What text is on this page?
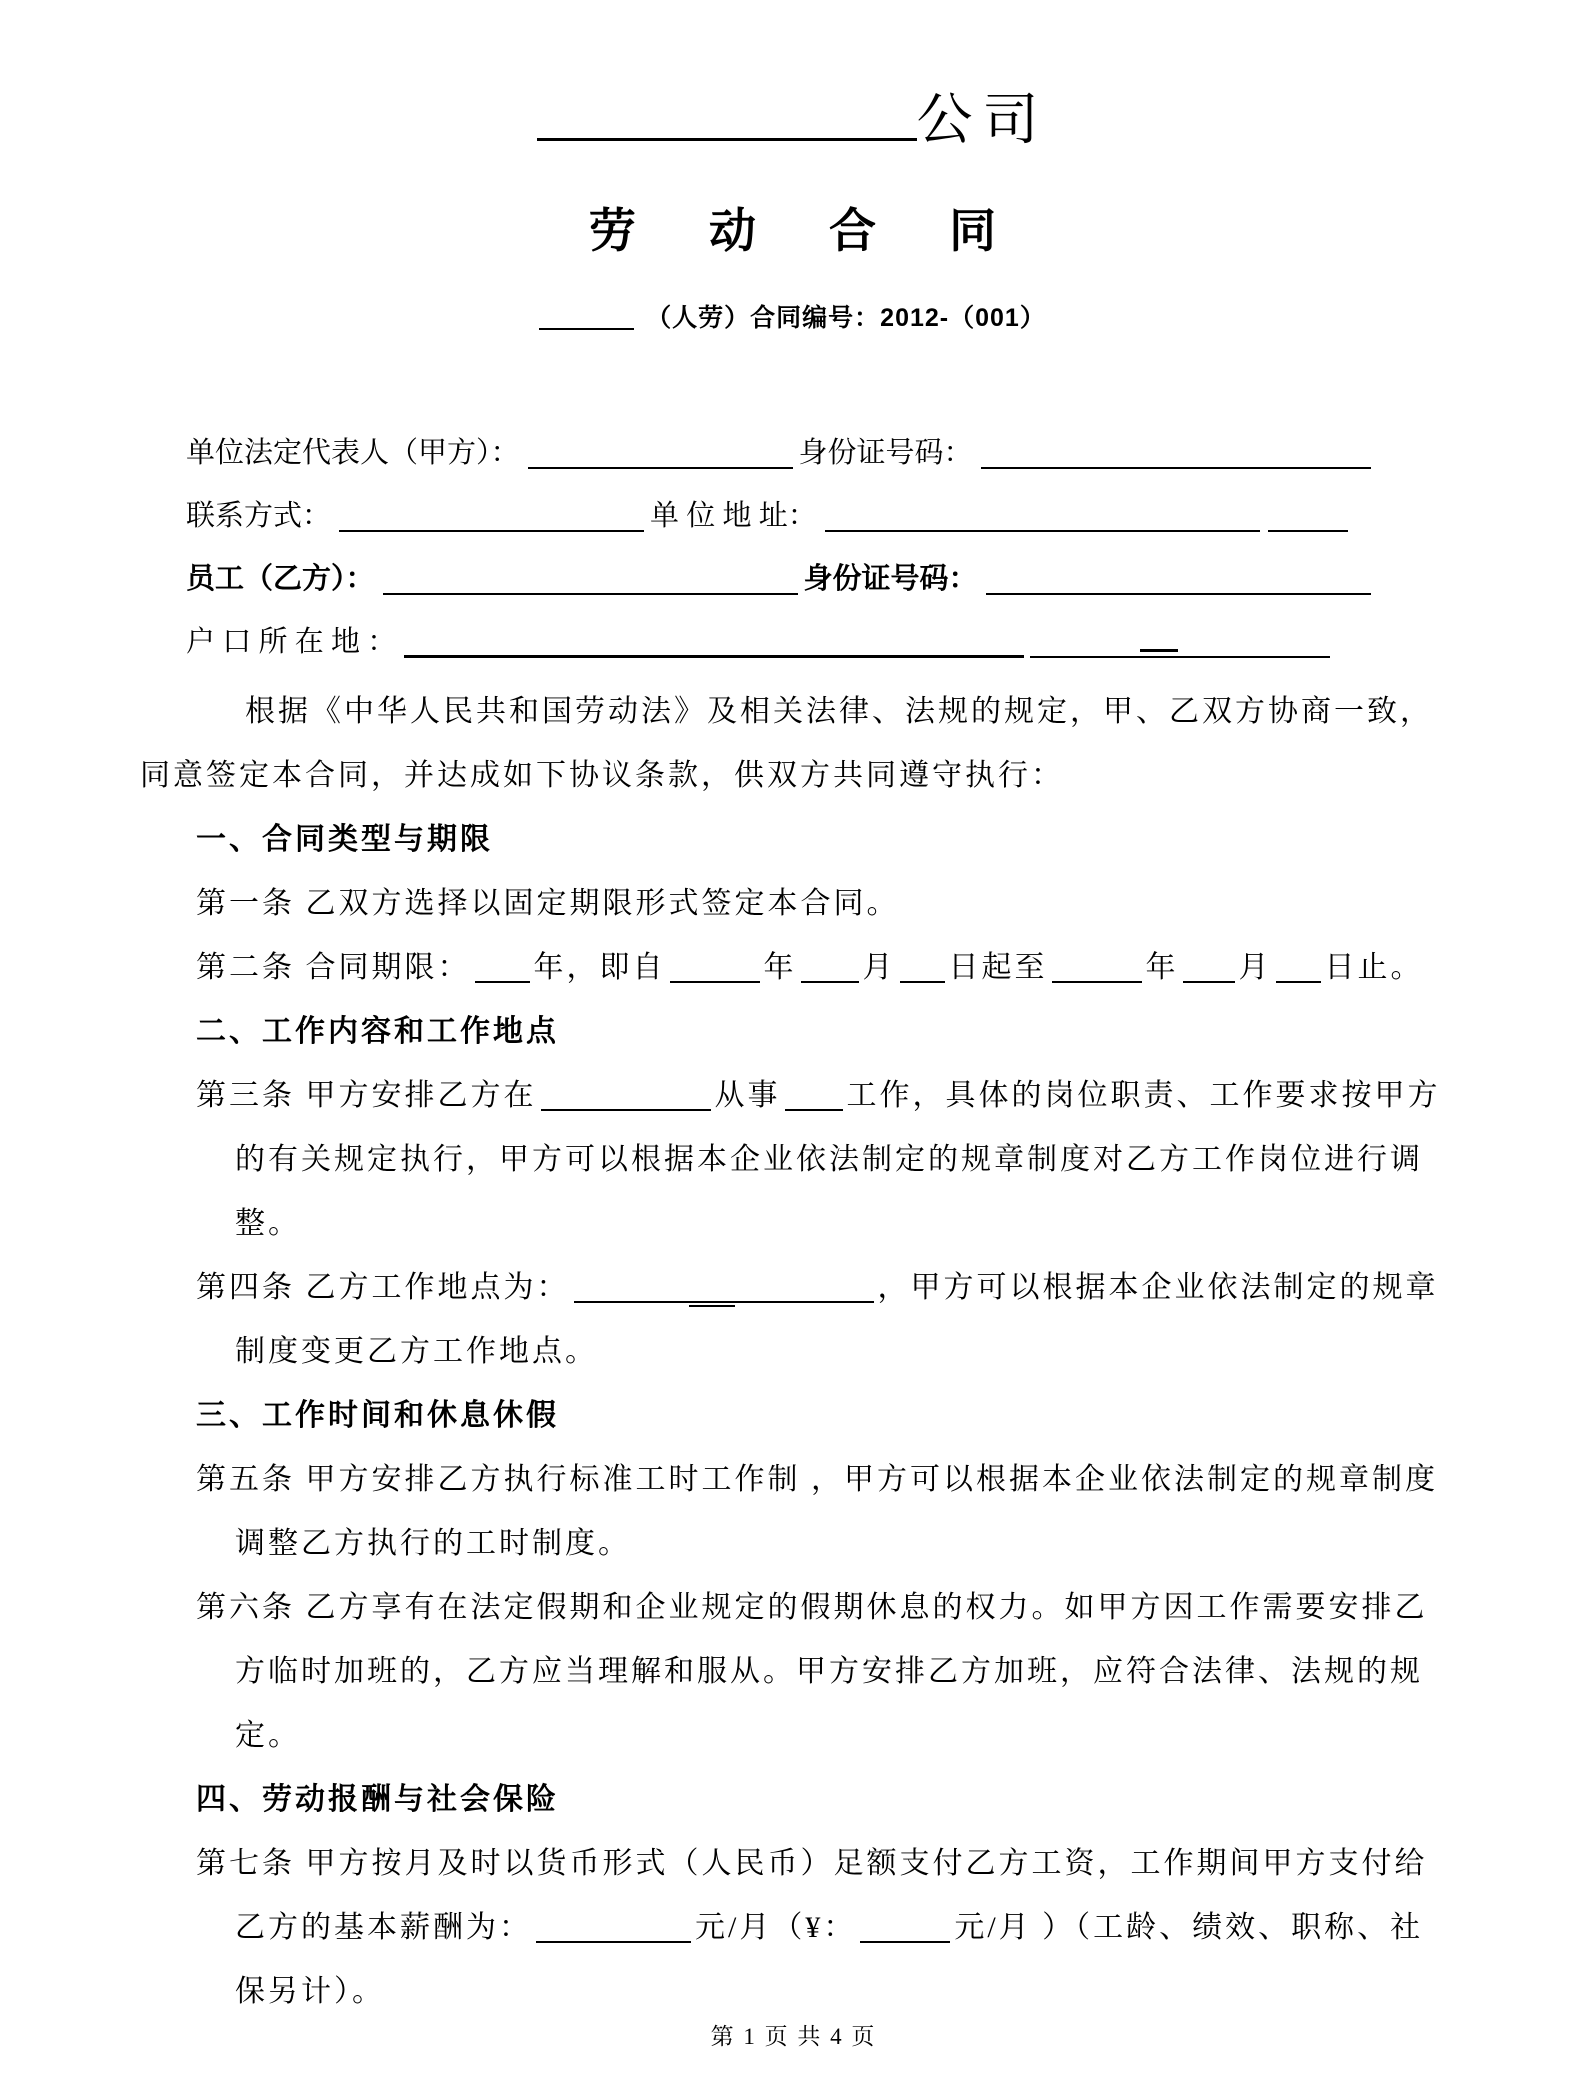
公司
劳 动 合 同
（人劳）合同编号：2012-（001）
单位法定代表人（甲方）：	身份证号码：
联系方式：	单 位 地 址：
员工（乙方）：	身份证号码：
户 口 所 在 地 ：

根据《中华人民共和国劳动法》及相关法律、法规的规定，甲、乙双方协商一致，同意签定本合同，并达成如下协议条款，供双方共同遵守执行：

一、合同类型与期限

第一条 乙双方选择以固定期限形式签定本合同。

第二条 合同期限： 年，即自	年 月 日起至	年 月 日止。

二、工作内容和工作地点

第三条 甲方安排乙方在	从事 工作，具体的岗位职责、工作要求按甲方的有关规定执行，甲方可以根据本企业依法制定的规章制度对乙方工作岗位进行调整。

第四条 乙方工作地点为：	，甲方可以根据本企业依法制定的规章制度变更乙方工作地点。

三、工作时间和休息休假

第五条 甲方安排乙方执行标准工时工作制 ，甲方可以根据本企业依法制定的规章制度调整乙方执行的工时制度。

第六条 乙方享有在法定假期和企业规定的假期休息的权力。如甲方因工作需要安排乙方临时加班的，乙方应当理解和服从。甲方安排乙方加班，应符合法律、法规的规定。

四、劳动报酬与社会保险

第七条 甲方按月及时以货币形式（人民币）足额支付乙方工资，工作期间甲方支付给乙方的基本薪酬为：	元/月（¥：	元/月 ）（工龄、绩效、职称、社保另计）。

第 1 页 共 4 页
